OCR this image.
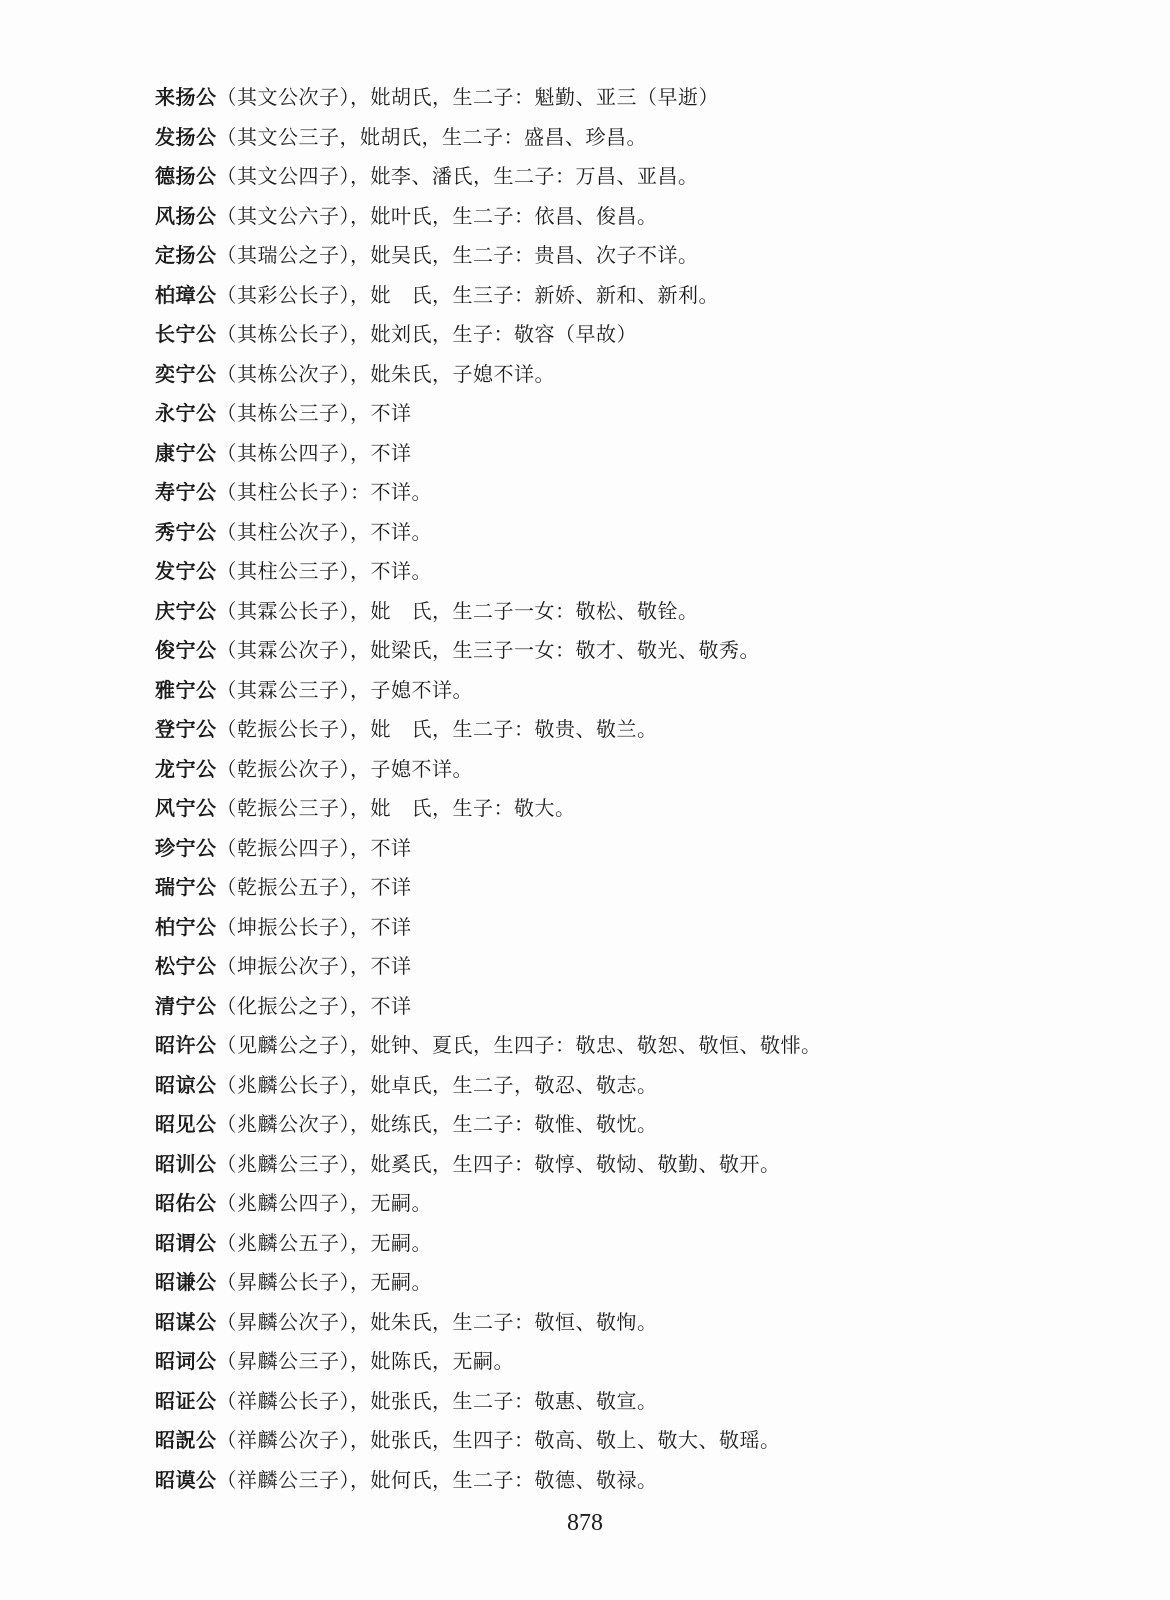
来扬公（其文公次子），妣胡氏，生二子：魁勤、亚三（早逝）
发扬公（其文公三子，妣胡氏，生二子：盛昌、珍昌。
德扬公（其文公四子），妣李、潘氏，生二子：万昌、亚昌。
风扬公（其文公六子），妣叶氏，生二子：依昌、俊昌。
定扬公（其瑞公之子），妣吴氏，生二子：贵昌、次子不详。
柏璋公（其彩公长子），妣　氏，生三子：新娇、新和、新利。
长宁公（其栋公长子），妣刘氏，生子：敬容（早故）
奕宁公（其栋公次子），妣朱氏，子媳不详。
永宁公（其栋公三子），不详
康宁公（其栋公四子），不详
寿宁公（其柱公长子）：不详。
秀宁公（其柱公次子），不详。
发宁公（其柱公三子），不详。
庆宁公（其霖公长子），妣　氏，生二子一女：敬松、敬铨。
俊宁公（其霖公次子），妣梁氏，生三子一女：敬才、敬光、敬秀。
雅宁公（其霖公三子），子媳不详。
登宁公（乾振公长子），妣　氏，生二子：敬贵、敬兰。
龙宁公（乾振公次子），子媳不详。
风宁公（乾振公三子），妣　氏，生子：敬大。
珍宁公（乾振公四子），不详
瑞宁公（乾振公五子），不详
柏宁公（坤振公长子），不详
松宁公（坤振公次子），不详
清宁公（化振公之子），不详
昭许公（见麟公之子），妣钟、夏氏，生四子：敬忠、敬恕、敬恒、敬悱。
昭谅公（兆麟公长子），妣卓氏，生二子，敬忍、敬志。
昭见公（兆麟公次子），妣练氏，生二子：敬惟、敬忱。
昭训公（兆麟公三子），妣奚氏，生四子：敬惇、敬恸、敬勤、敬开。
昭佑公（兆麟公四子），无嗣。
昭谓公（兆麟公五子），无嗣。
昭谦公（昇麟公长子），无嗣。
昭谋公（昇麟公次子），妣朱氏，生二子：敬恒、敬恂。
昭词公（昇麟公三子），妣陈氏，无嗣。
昭证公（祥麟公长子），妣张氏，生二子：敬惠、敬宣。
昭詋公（祥麟公次子），妣张氏，生四子：敬高、敬上、敬大、敬瑶。
昭谟公（祥麟公三子），妣何氏，生二子：敬德、敬禄。
878
